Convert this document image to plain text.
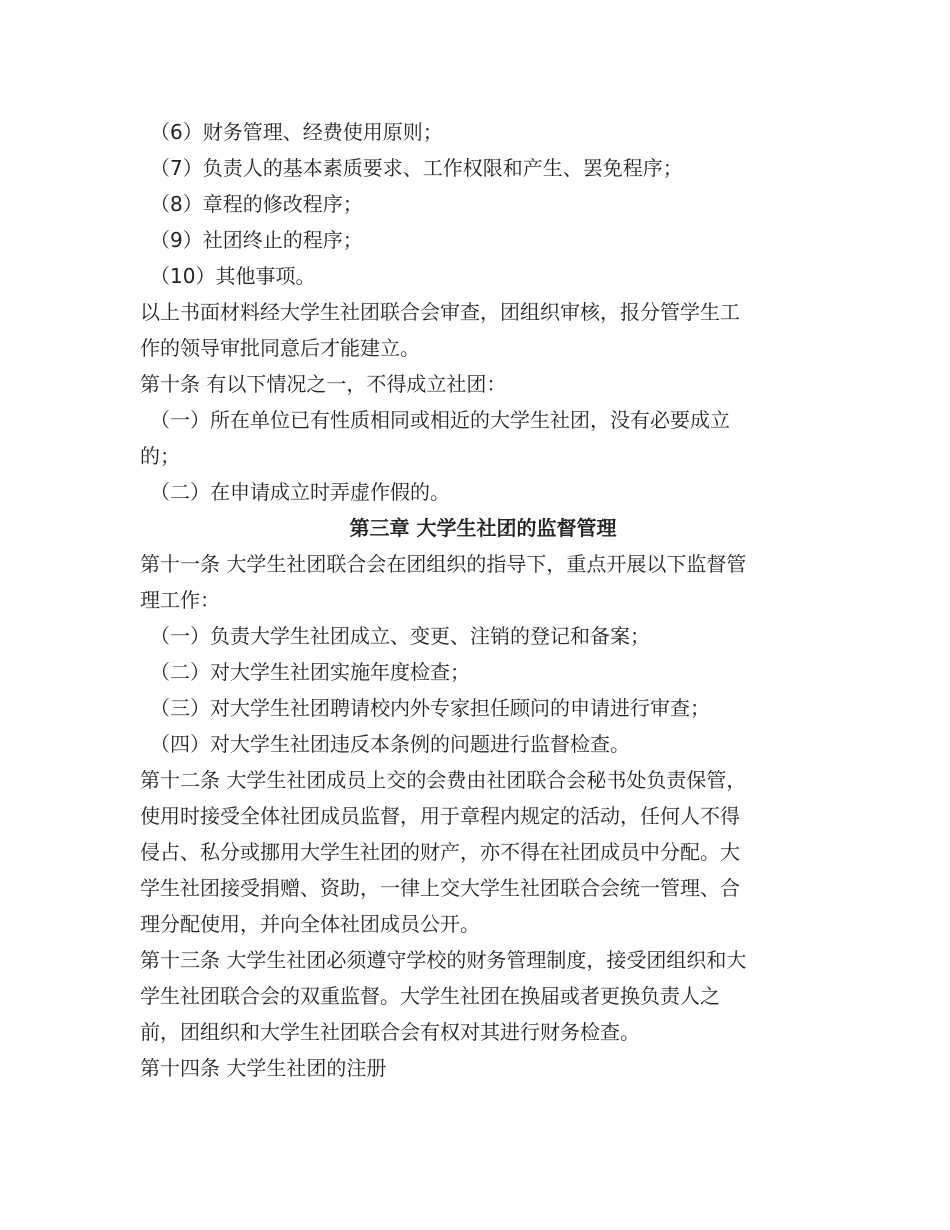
（6）财务管理、经费使用原则；
（7）负责人的基本素质要求、工作权限和产生、罢免程序；
（8）章程的修改程序；
（9）社团终止的程序；
（10）其他事项。
以上书面材料经大学生社团联合会审查，团组织审核，报分管学生工
作的领导审批同意后才能建立。
第十条 有以下情况之一，不得成立社团：
（一）所在单位已有性质相同或相近的大学生社团，没有必要成立
的；
（二）在申请成立时弄虚作假的。
第三章 大学生社团的监督管理
第十一条 大学生社团联合会在团组织的指导下，重点开展以下监督管
理工作：
（一）负责大学生社团成立、变更、注销的登记和备案；
（二）对大学生社团实施年度检查；
（三）对大学生社团聘请校内外专家担任顾问的申请进行审查；
（四）对大学生社团违反本条例的问题进行监督检查。
第十二条 大学生社团成员上交的会费由社团联合会秘书处负责保管，
使用时接受全体社团成员监督，用于章程内规定的活动，任何人不得
侵占、私分或挪用大学生社团的财产，亦不得在社团成员中分配。大
学生社团接受捐赠、资助，一律上交大学生社团联合会统一管理、合
理分配使用，并向全体社团成员公开。
第十三条 大学生社团必须遵守学校的财务管理制度，接受团组织和大
学生社团联合会的双重监督。大学生社团在换届或者更换负责人之
前，团组织和大学生社团联合会有权对其进行财务检查。
第十四条 大学生社团的注册
